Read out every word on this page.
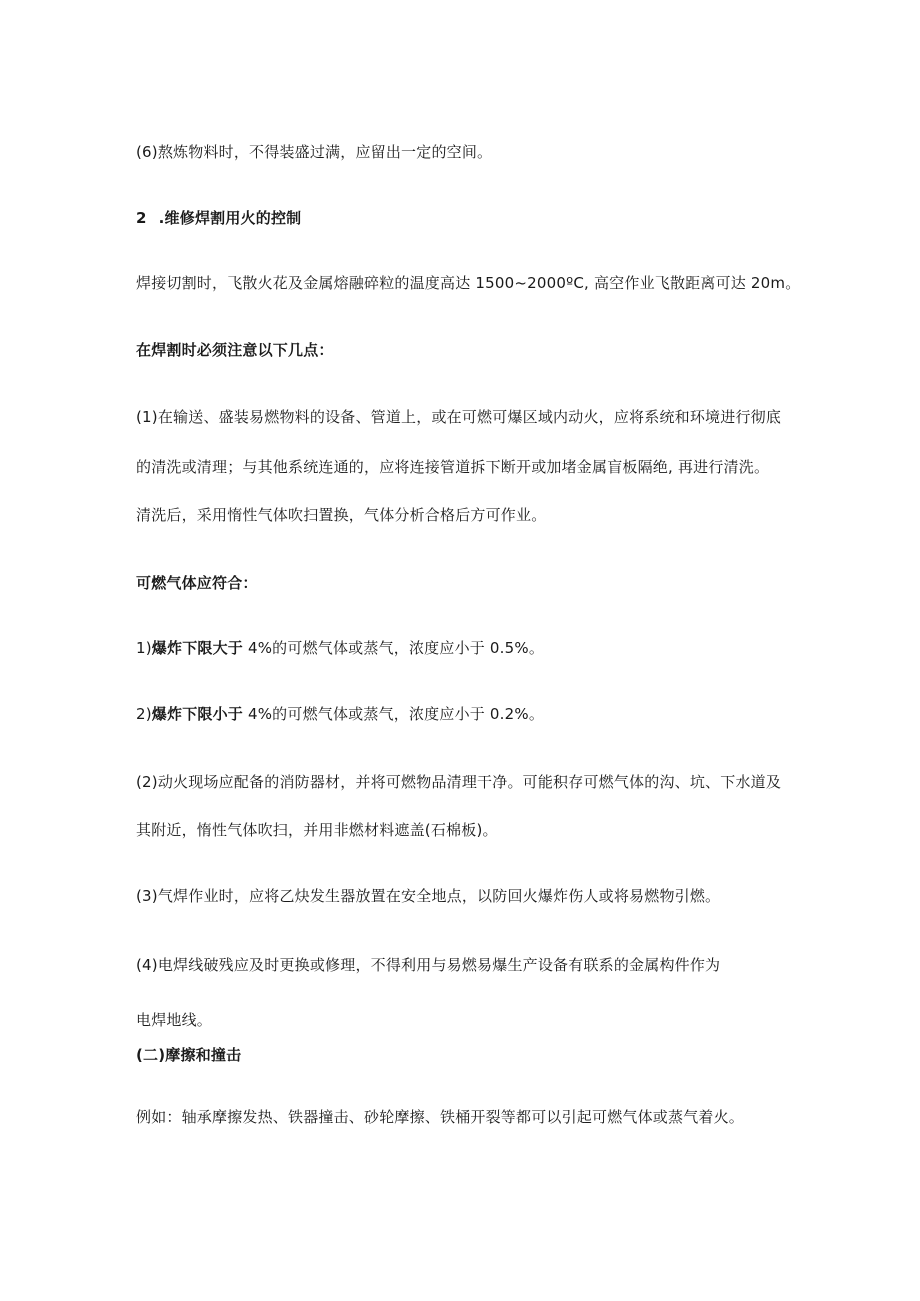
(6)熬炼物料时，不得装盛过满，应留出一定的空间。
2 .维修焊割用火的控制
焊接切割时，飞散火花及金属熔融碎粒的温度高达 1500~2000ºC, 高空作业飞散距离可达 20m。
在焊割时必须注意以下几点：
(1)在输送、盛装易燃物料的设备、管道上，或在可燃可爆区域内动火，应将系统和环境进行彻底
的清洗或清理；与其他系统连通的，应将连接管道拆下断开或加堵金属盲板隔绝, 再进行清洗。
清洗后，采用惰性气体吹扫置换，气体分析合格后方可作业。
可燃气体应符合：
1)爆炸下限大于 4%的可燃气体或蒸气，浓度应小于 0.5%。
2)爆炸下限小于 4%的可燃气体或蒸气，浓度应小于 0.2%。
(2)动火现场应配备的消防器材，并将可燃物品清理干净。可能积存可燃气体的沟、坑、下水道及
其附近，惰性气体吹扫，并用非燃材料遮盖(石棉板)。
(3)气焊作业时，应将乙炔发生器放置在安全地点，以防回火爆炸伤人或将易燃物引燃。
(4)电焊线破残应及时更换或修理，不得利用与易燃易爆生产设备有联系的金属构件作为
电焊地线。
(二)摩擦和撞击
例如：轴承摩擦发热、铁器撞击、砂轮摩擦、铁桶开裂等都可以引起可燃气体或蒸气着火。
